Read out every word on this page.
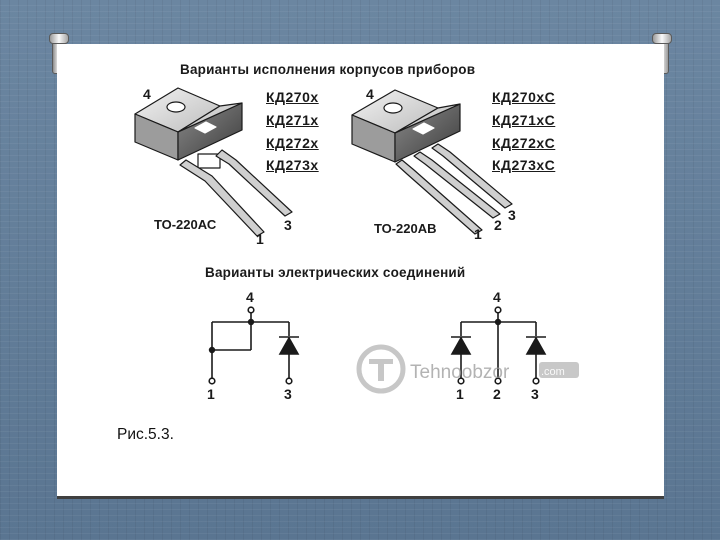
Tehnoobzor	.com
Варианты исполнения корпусов приборов
Варианты электрических соединений
4	КД270х
КД271х
КД272х
КД273х
ТО-220АС	3
1
4	КД270хС
КД271хС
КД272хС
КД273хС
ТО-220АВ	1
2
3
4
1	3
4
1 2 3
Рис.5.3.
